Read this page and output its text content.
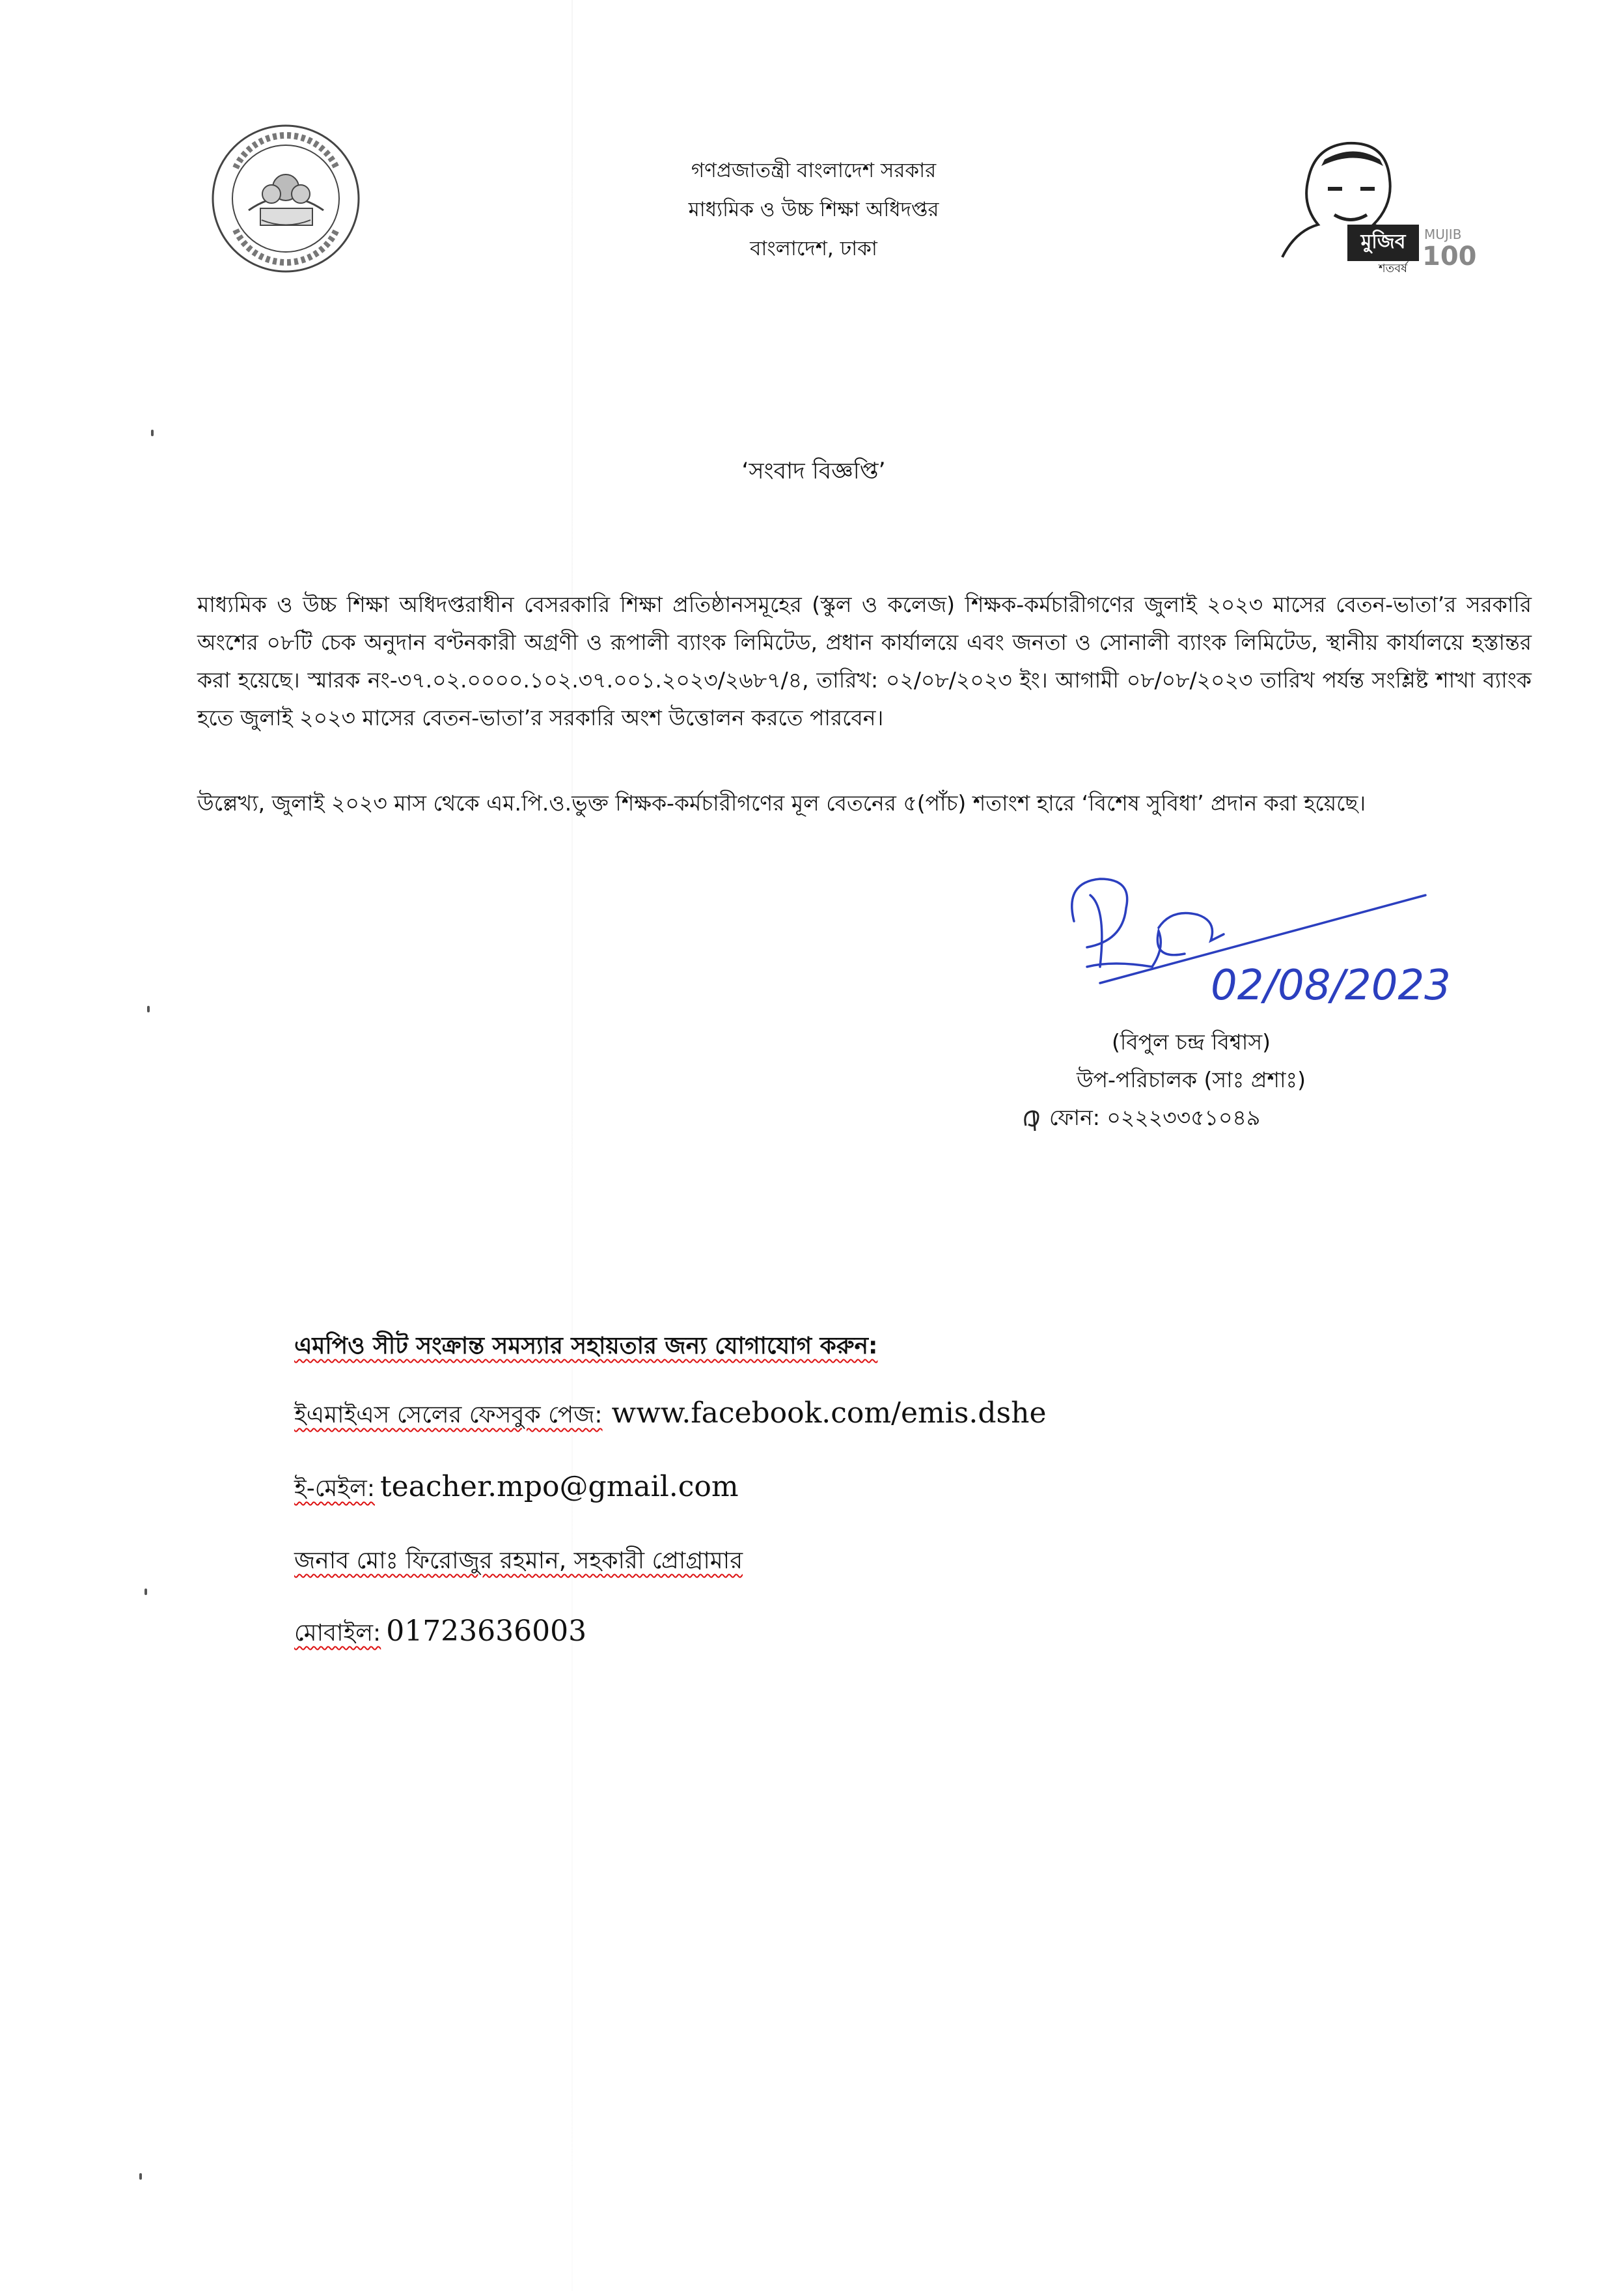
গণপ্রজাতন্ত্রী বাংলাদেশ সরকার
মাধ্যমিক ও উচ্চ শিক্ষা অধিদপ্তর
বাংলাদেশ, ঢাকা	মুজিব
শতবর্ষ
MUJIB
100
‘সংবাদ বিজ্ঞপ্তি’
মাধ্যমিক ও উচ্চ শিক্ষা অধিদপ্তরাধীন বেসরকারি শিক্ষা প্রতিষ্ঠানসমূহের (স্কুল ও কলেজ) শিক্ষক-কর্মচারীগণের জুলাই ২০২৩ মাসের বেতন-ভাতা’র সরকারি অংশের ০৮টি চেক অনুদান বণ্টনকারী অগ্রণী ও রূপালী ব্যাংক লিমিটেড, প্রধান কার্যালয়ে এবং জনতা ও সোনালী ব্যাংক লিমিটেড, স্থানীয় কার্যালয়ে হস্তান্তর করা হয়েছে। স্মারক নং-৩৭.০২.০০০০.১০২.৩৭.০০১.২০২৩/২৬৮৭/৪, তারিখ: ০২/০৮/২০২৩ ইং। আগামী ০৮/০৮/২০২৩ তারিখ পর্যন্ত সংশ্লিষ্ট শাখা ব্যাংক হতে জুলাই ২০২৩ মাসের বেতন-ভাতা’র সরকারি অংশ উত্তোলন করতে পারবেন।
উল্লেখ্য, জুলাই ২০২৩ মাস থেকে এম.পি.ও.ভুক্ত শিক্ষক-কর্মচারীগণের মূল বেতনের ৫(পাঁচ) শতাংশ হারে ‘বিশেষ সুবিধা’ প্রদান করা হয়েছে।
02/08/2023
(বিপুল চন্দ্র বিশ্বাস)
উপ-পরিচালক (সাঃ প্রশাঃ)
ফোন: ০২২২৩৩৫১০৪৯
এমপিও সীট সংক্রান্ত সমস্যার সহায়তার জন্য যোগাযোগ করুন:
ইএমাইএস সেলের ফেসবুক পেজ: www.facebook.com/emis.dshe
ই-মেইল: teacher.mpo@gmail.com
জনাব মোঃ ফিরোজুর রহমান, সহকারী প্রোগ্রামার
মোবাইল: 01723636003
